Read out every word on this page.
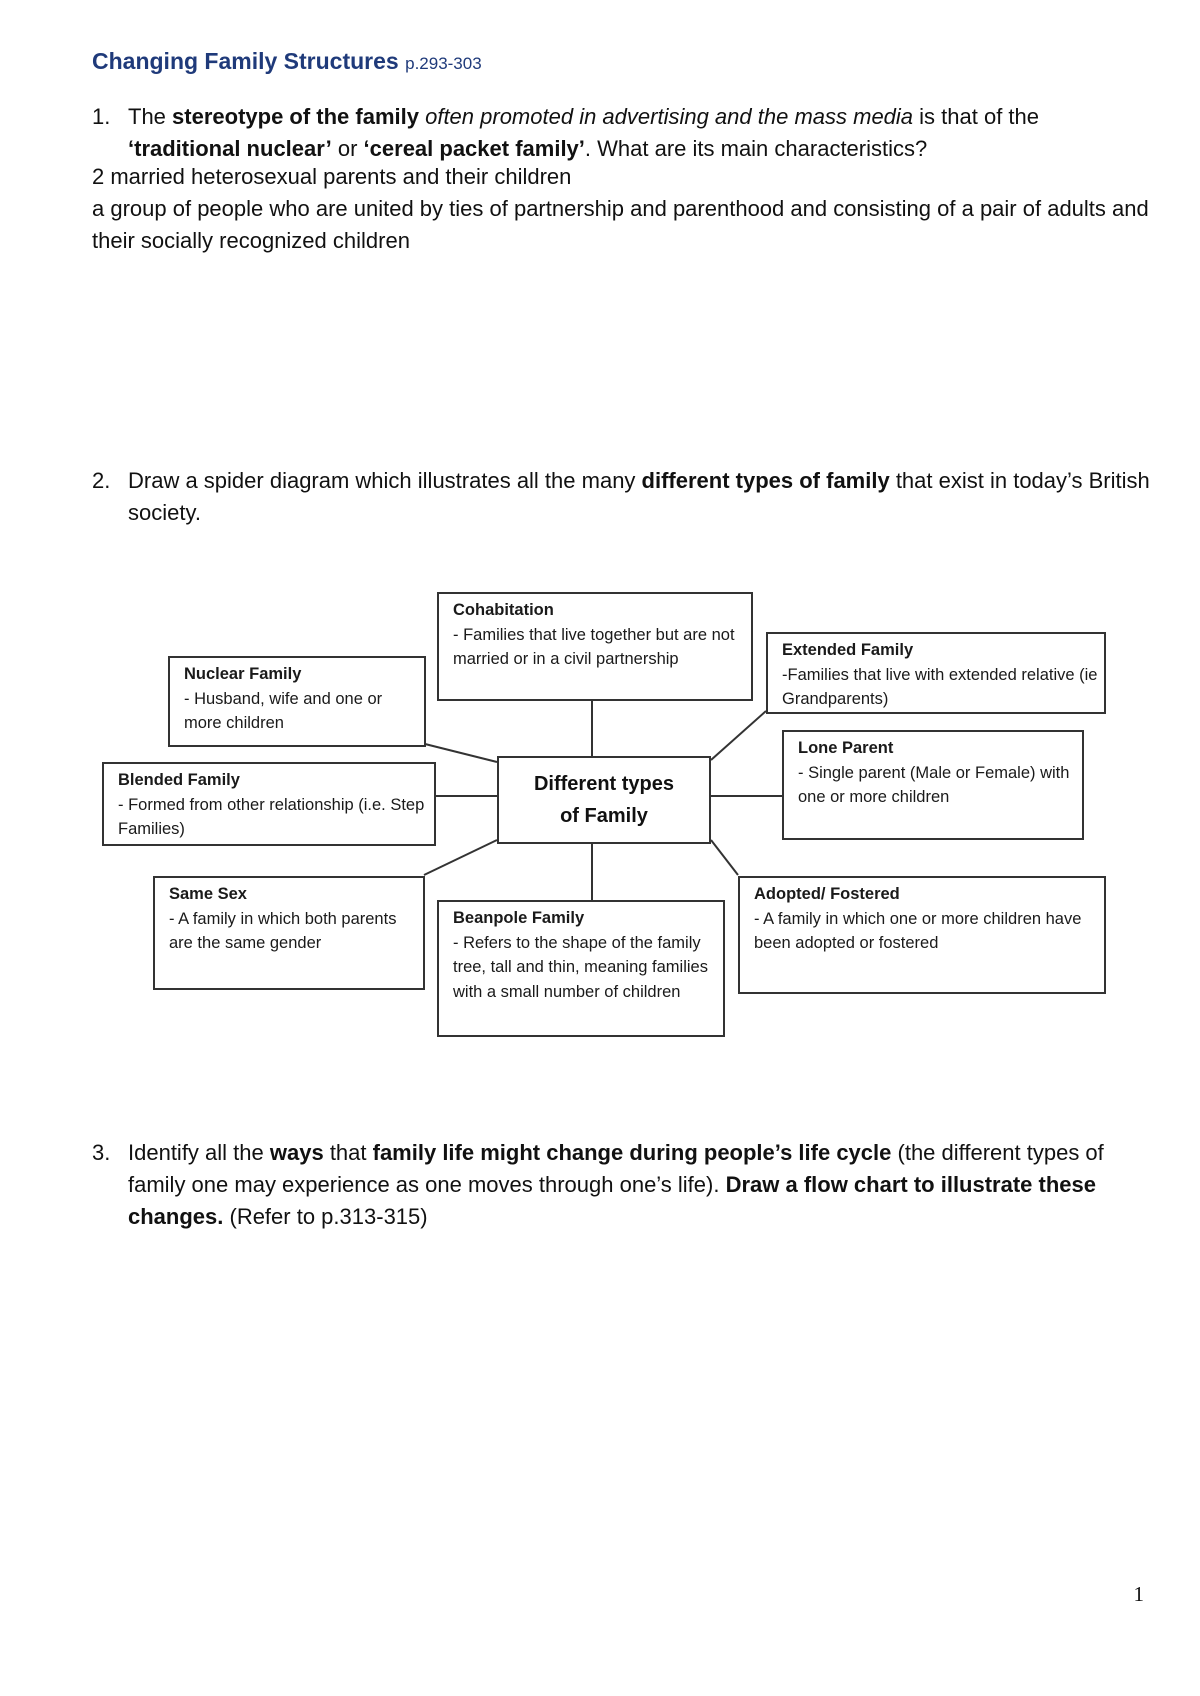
Changing Family Structures p.293-303
1. The stereotype of the family often promoted in advertising and the mass media is that of the ‘traditional nuclear’ or ‘cereal packet family’. What are its main characteristics?
2 married heterosexual parents and their children
a group of people who are united by ties of partnership and parenthood and consisting of a pair of adults and their socially recognized children
2. Draw a spider diagram which illustrates all the many different types of family that exist in today’s British society.
Different types
of Family
Cohabitation
- Families that live together but are not married or in a civil partnership
Nuclear Family
- Husband, wife and one or more children
Extended Family
-Families that live with extended relative (ie Grandparents)
Blended Family
- Formed from other relationship (i.e. Step Families)
Lone Parent
- Single parent (Male or Female) with one or more children
Same Sex
- A family in which both parents are the same gender
Beanpole Family
- Refers to the shape of the family tree, tall and thin, meaning families with a small number of children
Adopted/ Fostered
- A family in which one or more children have been adopted or fostered
3. Identify all the ways that family life might change during people’s life cycle (the different types of family one may experience as one moves through one’s life). Draw a flow chart to illustrate these changes. (Refer to p.313-315)
1
